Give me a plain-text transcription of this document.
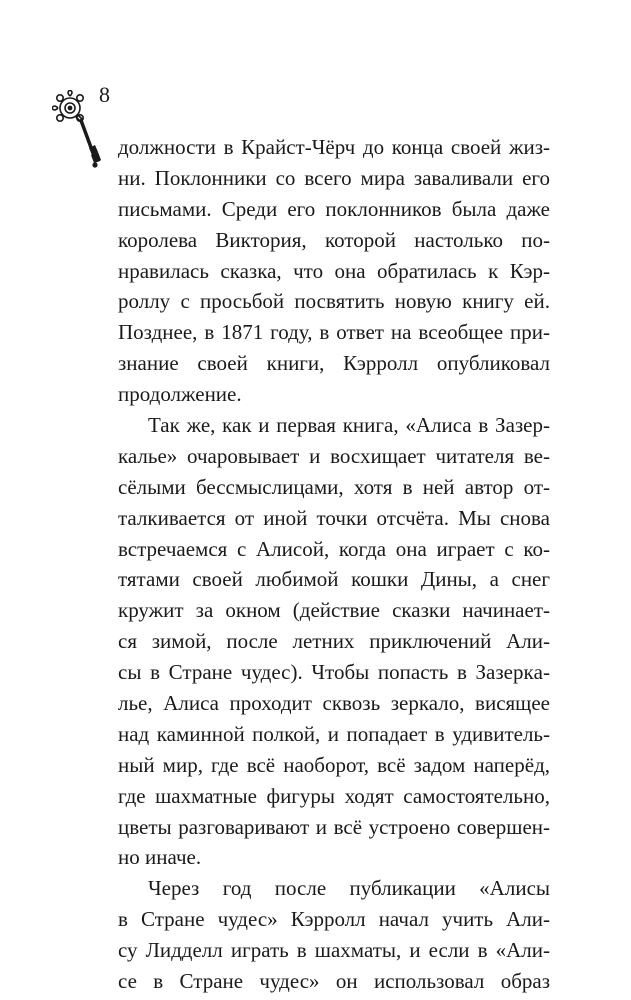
8
должности в Крайст-Чёрч до конца своей жиз-
ни. Поклонники со всего мира заваливали его
письмами. Среди его поклонников была даже
королева Виктория, которой настолько по-
нравилась сказка, что она обратилась к Кэр-
роллу с просьбой посвятить новую книгу ей.
Позднее, в 1871 году, в ответ на всеобщее при-
знание своей книги, Кэрролл опубликовал
продолжение.
Так же, как и первая книга, «Алиса в Зазер-
калье» очаровывает и восхищает читателя ве-
сёлыми бессмыслицами, хотя в ней автор от-
талкивается от иной точки отсчёта. Мы снова
встречаемся с Алисой, когда она играет с ко-
тятами своей любимой кошки Дины, а снег
кружит за окном (действие сказки начинает-
ся зимой, после летних приключений Али-
сы в Стране чудес). Чтобы попасть в Зазеркa-
лье, Алиса проходит сквозь зеркало, висящее
над каминной полкой, и попадает в удивитель-
ный мир, где всё наоборот, всё задом наперёд,
где шахматные фигуры ходят самостоятельно,
цветы разговаривают и всё устроено совершен-
но иначе.
Через год после публикации «Алисы
в Стране чудес» Кэрролл начал учить Али-
су Лидделл играть в шахматы, и если в «Али-
се в Стране чудес» он использовал образ
